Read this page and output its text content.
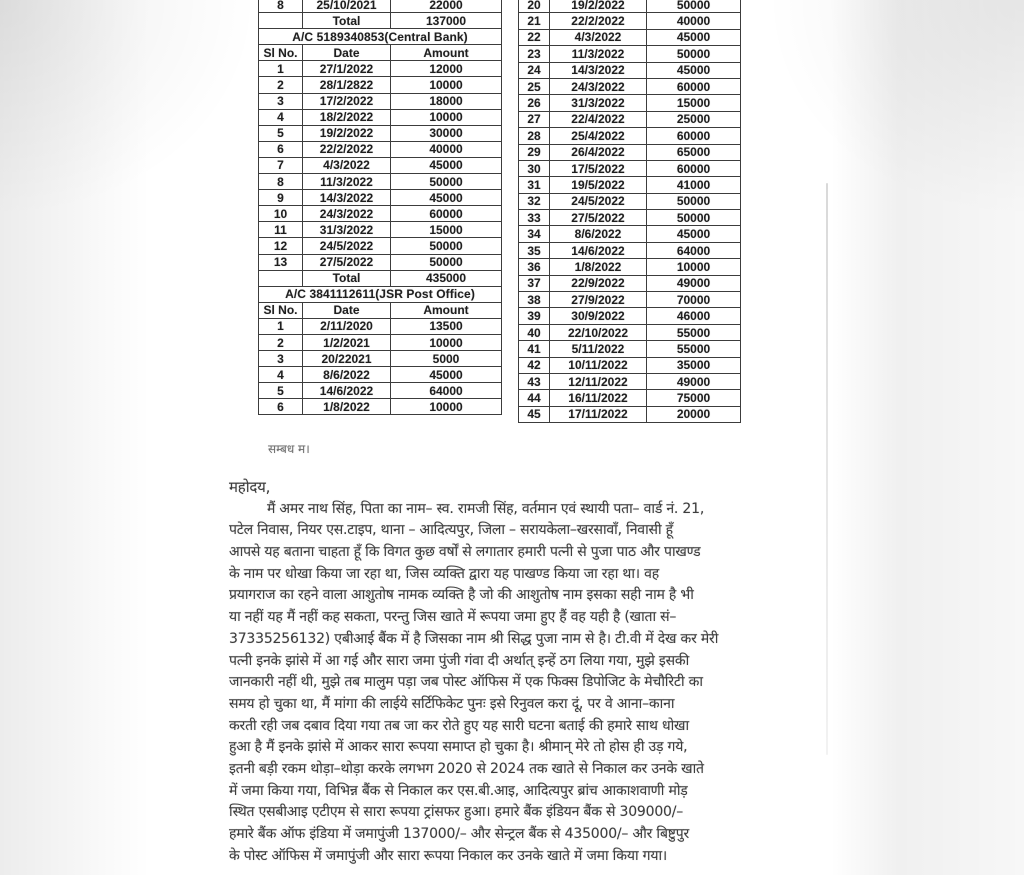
8	25/10/2021	22000
	Total	137000
A/C 5189340853(Central Bank)		
Sl No.	Date	Amount
1	27/1/2022	12000
2	28/1/2822	10000
3	17/2/2022	18000
4	18/2/2022	10000
5	19/2/2022	30000
6	22/2/2022	40000
7	4/3/2022	45000
8	11/3/2022	50000
9	14/3/2022	45000
10	24/3/2022	60000
11	31/3/2022	15000
12	24/5/2022	50000
13	27/5/2022	50000
	Total	435000
A/C 3841112611(JSR Post Office)		
Sl No.	Date	Amount
1	2/11/2020	13500
2	1/2/2021	10000
3	20/22021	5000
4	8/6/2022	45000
5	14/6/2022	64000
6	1/8/2022	10000
20	19/2/2022	50000
21	22/2/2022	40000
22	4/3/2022	45000
23	11/3/2022	50000
24	14/3/2022	45000
25	24/3/2022	60000
26	31/3/2022	15000
27	22/4/2022	25000
28	25/4/2022	60000
29	26/4/2022	65000
30	17/5/2022	60000
31	19/5/2022	41000
32	24/5/2022	50000
33	27/5/2022	50000
34	8/6/2022	45000
35	14/6/2022	64000
36	1/8/2022	10000
37	22/9/2022	49000
38	27/9/2022	70000
39	30/9/2022	46000
40	22/10/2022	55000
41	5/11/2022	55000
42	10/11/2022	35000
43	12/11/2022	49000
44	16/11/2022	75000
45	17/11/2022	20000
सम्बध म।
महोदय,
मैं अमर नाथ सिंह, पिता का नाम– स्व. रामजी सिंह, वर्तमान एवं स्थायी पता– वार्ड नं. 21,
पटेल निवास, नियर एस.टाइप, थाना – आदित्यपुर, जिला – सरायकेला–खरसावाँ, निवासी हूँ
आपसे यह बताना चाहता हूँ कि विगत कुछ वर्षों से लगातार हमारी पत्नी से पुजा पाठ और पाखण्ड
के नाम पर धोखा किया जा रहा था, जिस व्यक्ति द्वारा यह पाखण्ड किया जा रहा था। वह
प्रयागराज का रहने वाला आशुतोष नामक व्यक्ति है जो की आशुतोष नाम इसका सही नाम है भी
या नहीं यह मैं नहीं कह सकता, परन्तु जिस खाते में रूपया जमा हुए हैं वह यही है (खाता सं–
37335256132) एबीआई बैंक में है जिसका नाम श्री सिद्ध पुजा नाम से है। टी.वी में देख कर मेरी
पत्नी इनके झांसे में आ गई और सारा जमा पुंजी गंवा दी अर्थात् इन्हें ठग लिया गया, मुझे इसकी
जानकारी नहीं थी, मुझे तब मालुम पड़ा जब पोस्ट ऑफिस में एक फिक्स डिपोजिट के मेचौरिटी का
समय हो चुका था, मैं मांगा की लाईये सर्टिफिकेट पुनः इसे रिनुवल करा दूं, पर वे आना–काना
करती रही जब दबाव दिया गया तब जा कर रोते हुए यह सारी घटना बताई की हमारे साथ धोखा
हुआ है मैं इनके झांसे में आकर सारा रूपया समाप्त हो चुका है। श्रीमान् मेरे तो होस ही उड़ गये,
इतनी बड़ी रकम थोड़ा–थोड़ा करके लगभग 2020 से 2024 तक खाते से निकाल कर उनके खाते
में जमा किया गया, विभिन्न बैंक से निकाल कर एस.बी.आइ, आदित्यपुर ब्रांच आकाशवाणी मोड़
स्थित एसबीआइ एटीएम से सारा रूपया ट्रांसफर हुआ। हमारे बैंक इंडियन बैंक से 309000/–
हमारे बैंक ऑफ इंडिया में जमापुंजी 137000/– और सेन्ट्रल बैंक से 435000/– और बिष्टुपुर
के पोस्ट ऑफिस में जमापुंजी और सारा रूपया निकाल कर उनके खाते में जमा किया गया।
